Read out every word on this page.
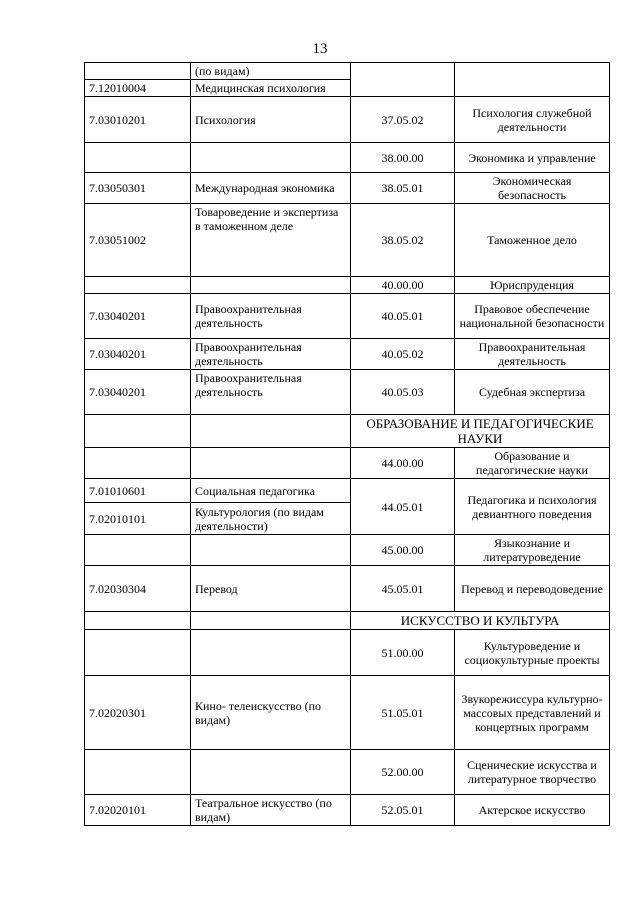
13
	(по видам)		
7.12010004	Медицинская психология		
7.03010201	Психология	37.05.02	Психология служебной деятельности
		38.00.00	Экономика и управление
7.03050301	Международная экономика	38.05.01	Экономическая безопасность
7.03051002	Товароведение и экспертиза в таможенном деле	38.05.02	Таможенное дело
		40.00.00	Юриспруденция
7.03040201	Правоохранительная деятельность	40.05.01	Правовое обеспечение национальной безопасности
7.03040201	Правоохранительная деятельность	40.05.02	Правоохранительная деятельность
7.03040201	Правоохранительная деятельность	40.05.03	Судебная экспертиза
		ОБРАЗОВАНИЕ И ПЕДАГОГИЧЕСКИЕ НАУКИ	
		44.00.00	Образование и педагогические науки
7.01010601	Социальная педагогика	44.05.01	Педагогика и психология девиантного поведения
7.02010101	Культурология (по видам деятельности)		
		45.00.00	Языкознание и литературоведение
7.02030304	Перевод	45.05.01	Перевод и переводоведение
		ИСКУССТВО И КУЛЬТУРА	
		51.00.00	Культуроведение и социокультурные проекты
7.02020301	Кино- телеискусство (по видам)	51.05.01	Звукорежиссура культурно-массовых представлений и концертных программ
		52.00.00	Сценические искусства и литературное творчество
7.02020101	Театральное искусство (по видам)	52.05.01	Актерское искусство
